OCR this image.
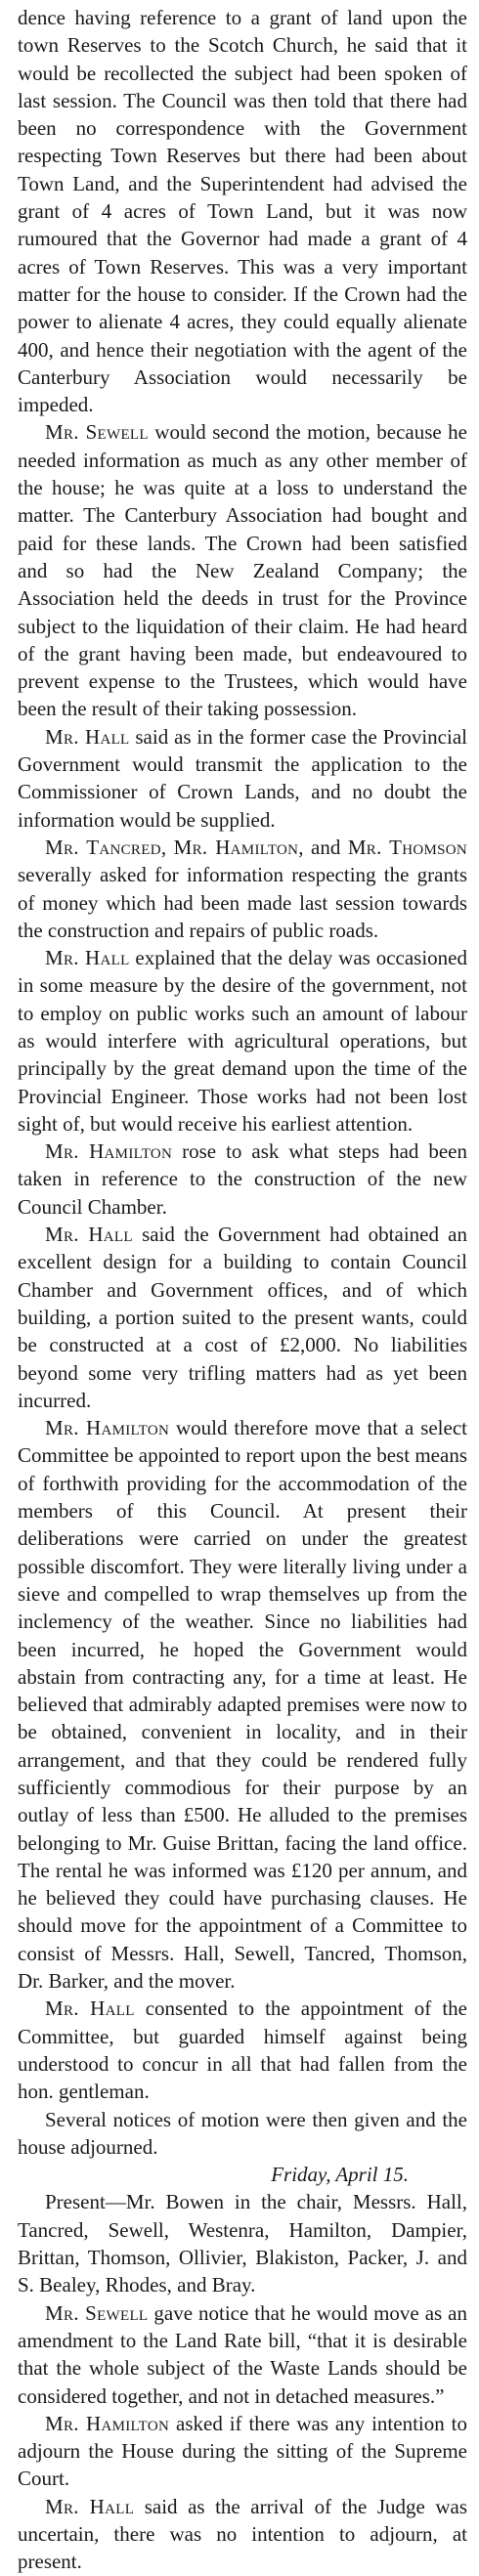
dence having reference to a grant of land upon the town Reserves to the Scotch Church, he said that it would be recollected the subject had been spoken of last session. The Council was then told that there had been no correspondence with the Government respecting Town Reserves but there had been about Town Land, and the Superintendent had advised the grant of 4 acres of Town Land, but it was now rumoured that the Governor had made a grant of 4 acres of Town Reserves. This was a very important matter for the house to consider. If the Crown had the power to alienate 4 acres, they could equally alienate 400, and hence their negotiation with the agent of the Canterbury Association would necessarily be impeded.

Mr. Sewell would second the motion, because he needed information as much as any other member of the house; he was quite at a loss to understand the matter. The Canterbury Association had bought and paid for these lands. The Crown had been satisfied and so had the New Zealand Company; the Association held the deeds in trust for the Province subject to the liquidation of their claim. He had heard of the grant having been made, but endeavoured to prevent expense to the Trustees, which would have been the result of their taking possession.

Mr. Hall said as in the former case the Provincial Government would transmit the application to the Commissioner of Crown Lands, and no doubt the information would be supplied.

Mr. Tancred, Mr. Hamilton, and Mr. Thomson severally asked for information respecting the grants of money which had been made last session towards the construction and repairs of public roads.

Mr. Hall explained that the delay was occasioned in some measure by the desire of the government, not to employ on public works such an amount of labour as would interfere with agricultural operations, but principally by the great demand upon the time of the Provincial Engineer. Those works had not been lost sight of, but would receive his earliest attention.

Mr. Hamilton rose to ask what steps had been taken in reference to the construction of the new Council Chamber.

Mr. Hall said the Government had obtained an excellent design for a building to contain Council Chamber and Government offices, and of which building, a portion suited to the present wants, could be constructed at a cost of £2,000. No liabilities beyond some very trifling matters had as yet been incurred.

Mr. Hamilton would therefore move that a select Committee be appointed to report upon the best means of forthwith providing for the accommodation of the members of this Council. At present their deliberations were carried on under the greatest possible discomfort. They were literally living under a sieve and compelled to wrap themselves up from the inclemency of the weather. Since no liabilities had been incurred, he hoped the Government would abstain from contracting any, for a time at least. He believed that admirably adapted premises were now to be obtained, convenient in locality, and in their arrangement, and that they could be rendered fully sufficiently commodious for their purpose by an outlay of less than £500. He alluded to the premises belonging to Mr. Guise Brittan, facing the land office. The rental he was informed was £120 per annum, and he believed they could have purchasing clauses. He should move for the appointment of a Committee to consist of Messrs. Hall, Sewell, Tancred, Thomson, Dr. Barker, and the mover.

Mr. Hall consented to the appointment of the Committee, but guarded himself against being understood to concur in all that had fallen from the hon. gentleman.

Several notices of motion were then given and the house adjourned.

Friday, April 15.

Present—Mr. Bowen in the chair, Messrs. Hall, Tancred, Sewell, Westenra, Hamilton, Dampier, Brittan, Thomson, Ollivier, Blakiston, Packer, J. and S. Bealey, Rhodes, and Bray.

Mr. Sewell gave notice that he would move as an amendment to the Land Rate bill, “that it is desirable that the whole subject of the Waste Lands should be considered together, and not in detached measures.”

Mr. Hamilton asked if there was any intention to adjourn the House during the sitting of the Supreme Court.

Mr. Hall said as the arrival of the Judge was uncertain, there was no intention to adjourn, at present.
